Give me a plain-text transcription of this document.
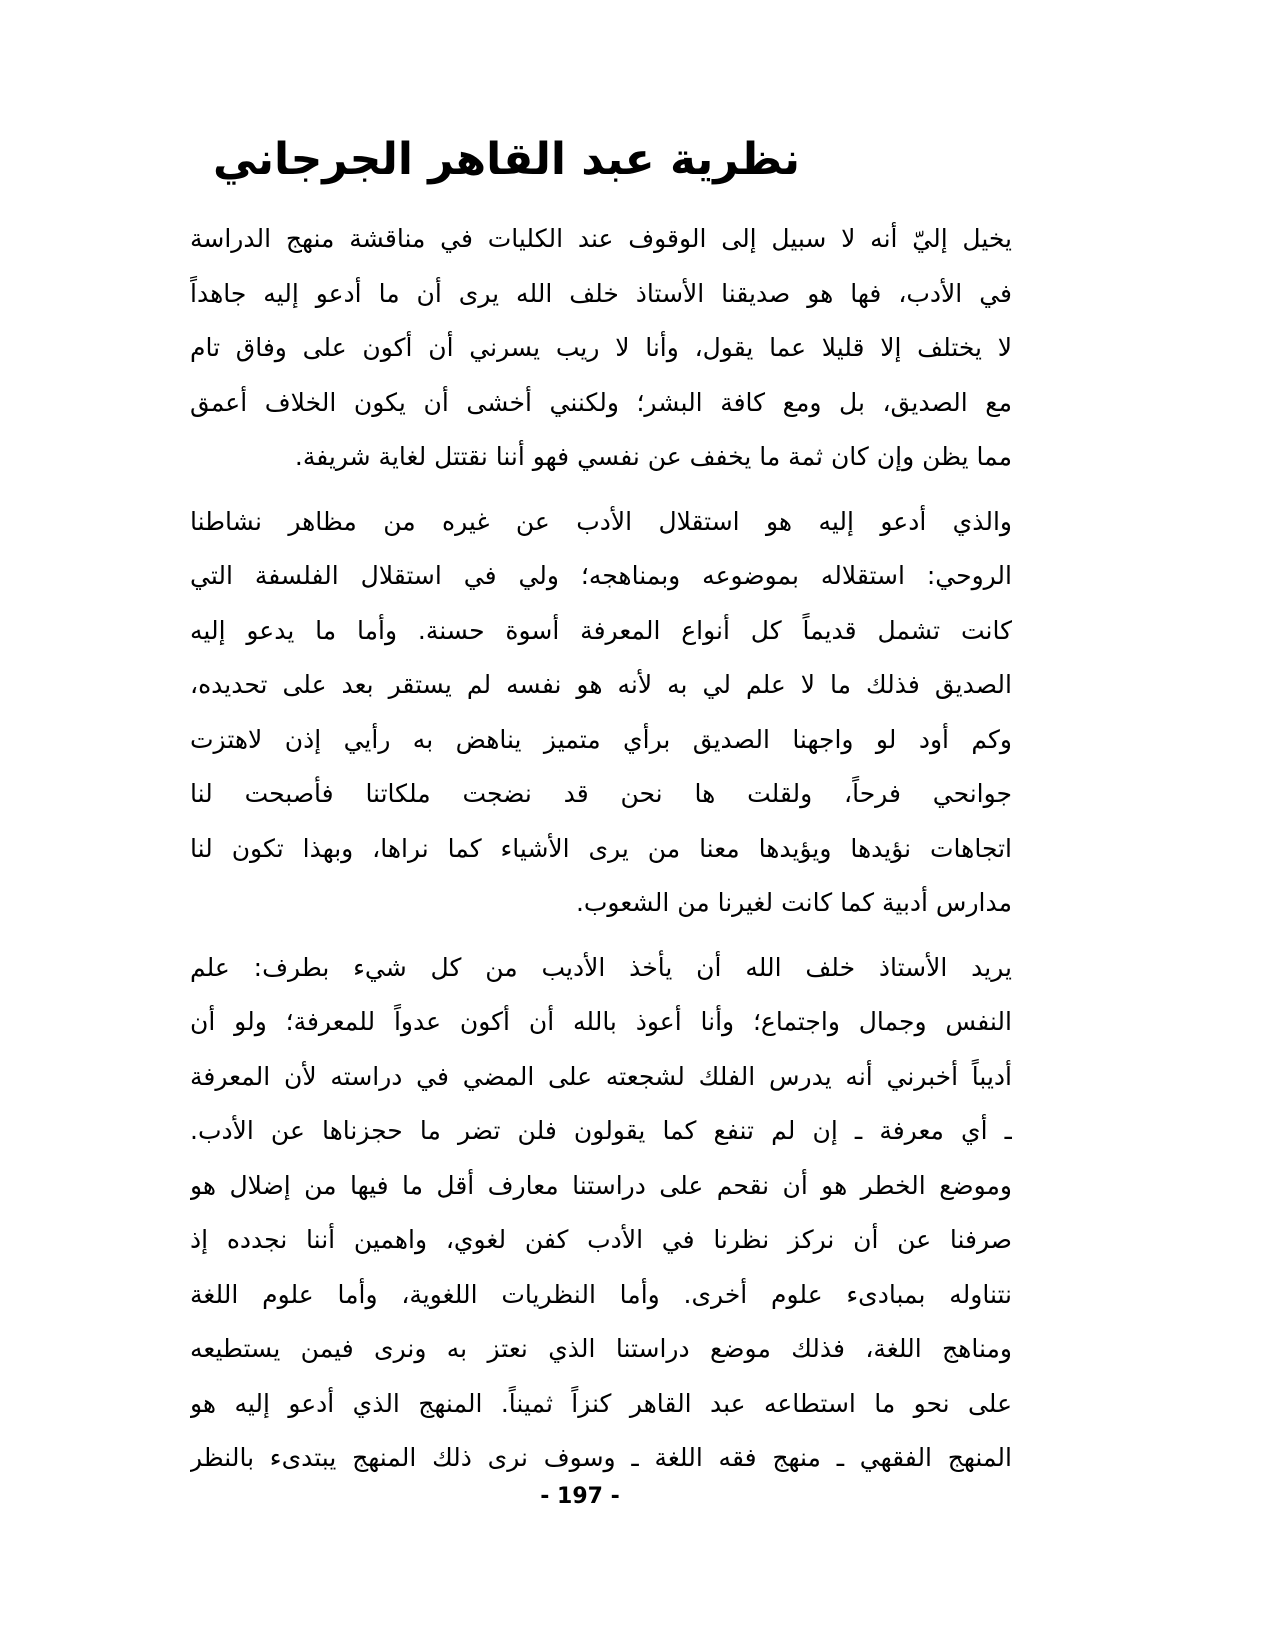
نظرية عبد القاهر الجرجاني
يخيل إليّ أنه لا سبيل إلى الوقوف عند الكليات في مناقشة منهج الدراسة
في الأدب، فها هو صديقنا الأستاذ خلف الله يرى أن ما أدعو إليه جاهداً
لا يختلف إلا قليلا عما يقول، وأنا لا ريب يسرني أن أكون على وفاق تام
مع الصديق، بل ومع كافة البشر؛ ولكنني أخشى أن يكون الخلاف أعمق
مما يظن وإن كان ثمة ما يخفف عن نفسي فهو أننا نقتتل لغاية شريفة.
والذي أدعو إليه هو استقلال الأدب عن غيره من مظاهر نشاطنا
الروحي: استقلاله بموضوعه وبمناهجه؛ ولي في استقلال الفلسفة التي
كانت تشمل قديماً كل أنواع المعرفة أسوة حسنة. وأما ما يدعو إليه
الصديق فذلك ما لا علم لي به لأنه هو نفسه لم يستقر بعد على تحديده،
وكم أود لو واجهنا الصديق برأي متميز يناهض به رأيي إذن لاهتزت
جوانحي فرحاً، ولقلت ها نحن قد نضجت ملكاتنا فأصبحت لنا
اتجاهات نؤيدها ويؤيدها معنا من يرى الأشياء كما نراها، وبهذا تكون لنا
مدارس أدبية كما كانت لغيرنا من الشعوب.
يريد الأستاذ خلف الله أن يأخذ الأديب من كل شيء بطرف: علم
النفس وجمال واجتماع؛ وأنا أعوذ بالله أن أكون عدواً للمعرفة؛ ولو أن
أديباً أخبرني أنه يدرس الفلك لشجعته على المضي في دراسته لأن المعرفة
ـ أي معرفة ـ إن لم تنفع كما يقولون فلن تضر ما حجزناها عن الأدب.
وموضع الخطر هو أن نقحم على دراستنا معارف أقل ما فيها من إضلال هو
صرفنا عن أن نركز نظرنا في الأدب كفن لغوي، واهمين أننا نجدده إذ
نتناوله بمبادىء علوم أخرى. وأما النظريات اللغوية، وأما علوم اللغة
ومناهج اللغة، فذلك موضع دراستنا الذي نعتز به ونرى فيمن يستطيعه
على نحو ما استطاعه عبد القاهر كنزاً ثميناً. المنهج الذي أدعو إليه هو
المنهج الفقهي ـ منهج فقه اللغة ـ وسوف نرى ذلك المنهج يبتدىء بالنظر
- 197 -
